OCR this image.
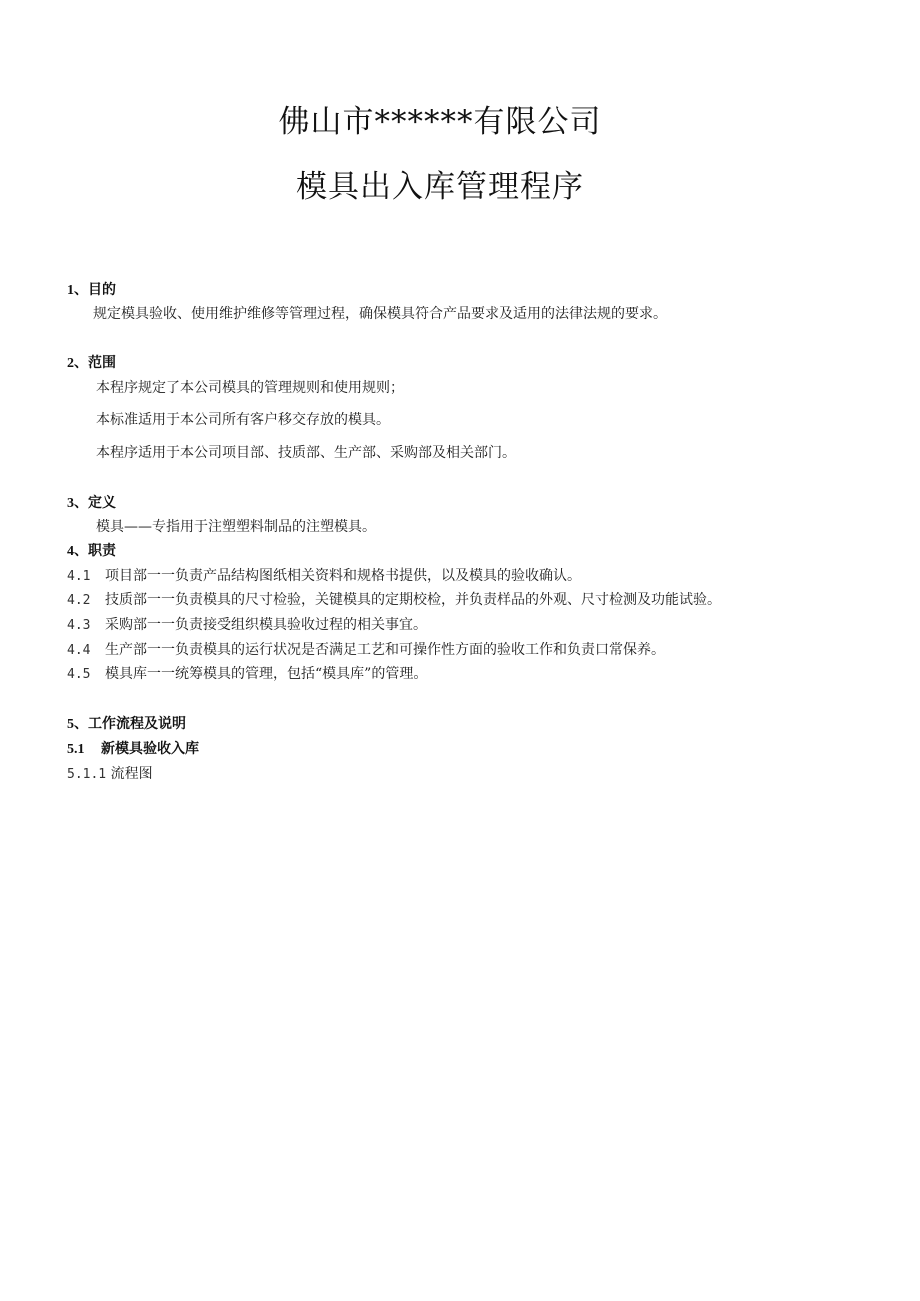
佛山市******有限公司
模具出入库管理程序
1、目的
规定模具验收、使用维护维修等管理过程，确保模具符合产品要求及适用的法律法规的要求。
2、范围
本程序规定了本公司模具的管理规则和使用规则；
本标准适用于本公司所有客户移交存放的模具。
本程序适用于本公司项目部、技质部、生产部、采购部及相关部门。
3、定义
模具——专指用于注塑塑料制品的注塑模具。
4、职责
4.1 项目部一一负责产品结构图纸相关资料和规格书提供，以及模具的验收确认。
4.2 技质部一一负责模具的尺寸检验，关键模具的定期校检，并负责样品的外观、尺寸检测及功能试验。
4.3 采购部一一负责接受组织模具验收过程的相关事宜。
4.4 生产部一一负责模具的运行状况是否满足工艺和可操作性方面的验收工作和负责口常保养。
4.5 模具库一一统筹模具的管理，包括“模具库”的管理。
5、工作流程及说明
5.1 新模具验收入库
5.1.1 流程图
